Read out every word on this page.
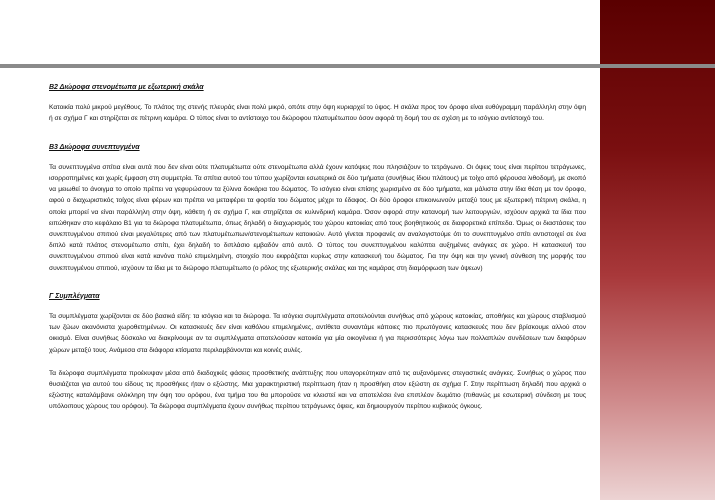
Β2 Διώροφα στενομέτωπα με εξωτερική σκάλα

Κατοικία πολύ μικρού μεγέθους. Το πλάτος της στενής πλευράς είναι πολύ μικρό, οπότε στην όψη κυριαρχεί το ύψος. Η σκάλα προς τον όροφο είναι ευθύγραμμη παράλληλη στην όψη ή σε σχήμα Γ και στηρίζεται σε πέτρινη καμάρα. Ο τύπος είναι το αντίστοιχο του διώροφου πλατυμέτωπου όσον αφορά τη δομή του σε σχέση με το ισόγειο αντίστοιχό του.

Β3 Διώροφα συνεπτυγμένα

Τα συνεπτυγμένα σπίτια είναι αυτά που δεν είναι ούτε πλατυμέτωπα ούτε στενομέτωπα αλλά έχουν κατόψεις που πλησιάζουν το τετράγωνο. Οι όψεις τους είναι περίπου τετράγωνες, ισορροπημένες και χωρίς έμφαση στη συμμετρία. Τα σπίτια αυτού του τύπου χωρίζονται εσωτερικά σε δύο τμήματα (συνήθως ίδιου πλάτους) με τοίχο από φέρουσα λιθοδομή, με σκοπό να μειωθεί το άνοιγμα το οποίο πρέπει να γεφυρώσουν τα ξύλινα δοκάρια του δώματος. Το ισόγειο είναι επίσης χωρισμένο σε δύο τμήματα, και μάλιστα στην ίδια θέση με τον όροφο, αφού ο διαχωριστικός τοίχος είναι φέρων και πρέπει να μεταφέρει τα φορτία του δώματος μέχρι το έδαφος. Οι δύο όροφοι επικοινωνούν μεταξύ τους με εξωτερική πέτρινη σκάλα, η οποία μπορεί να είναι παράλληλη στην όψη, κάθετη ή σε σχήμα Γ, και στηρίζεται σε κυλινδρική καμάρα. Όσον αφορά στην κατανομή των λειτουργιών, ισχύουν αρχικά τα ίδια που ειπώθηκαν στο κεφάλαιο Β1 για τα διώροφα πλατυμέτωπα, όπως δηλαδή ο διαχωρισμός του χώρου κατοικίας από τους βοηθητικούς σε διαφορετικά επίπεδα. Όμως οι διαστάσεις του συνεπτυγμένου σπιτιού είναι μεγαλύτερες από των πλατυμέτωπων/στενομέτωπων κατοικιών. Αυτό γίνεται προφανές αν αναλογιστούμε ότι το συνεπτυγμένο σπίτι αντιστοιχεί σε ένα διπλό κατά πλάτος στενομέτωπο σπίτι, έχει δηλαδή το διπλάσιο εμβαδόν από αυτό. Ο τύπος του συνεπτυγμένου καλύπτει αυξημένες ανάγκες σε χώρο. Η κατασκευή του συνεπτυγμένου σπιτιού είναι κατά κανόνα πολύ επιμελημένη, στοιχείο που εκφράζεται κυρίως στην κατασκευή του δώματος. Για την όψη και την γενική σύνθεση της μορφής του συνεπτυγμένου σπιτιού, ισχύουν τα ίδια με το διώροφο πλατυμέτωπο (ο ρόλος της εξωτερικής σκάλας και της καμάρας στη διαμόρφωση των όψεων)

Γ Συμπλέγματα

Τα συμπλέγματα χωρίζονται σε δύο βασικά είδη: τα ισόγεια και τα διώροφα. Τα ισόγεια συμπλέγματα αποτελούνται συνήθως από χώρους κατοικίας, αποθήκες και χώρους σταβλισμού των ζώων ακανόνιστα χωροθετημένων. Οι κατασκευές δεν είναι καθόλου επιμελημένες, αντίθετα συναντάμε κάποιες πιο πρωτόγονες κατασκευές που δεν βρίσκουμε αλλού στον οικισμό. Είναι συνήθως δύσκολο να διακρίνουμε αν τα συμπλέγματα αποτελούσαν κατοικία για μία οικογένεια ή για περισσότερες λόγω των πολλαπλών συνδέσεων των διαφόρων χώρων μεταξύ τους. Ανάμεσα στα διάφορα κτίσματα περιλαμβάνονται και κοινές αυλές.

Τα διώροφα συμπλέγματα προέκυψαν μέσα από διαδοχικές φάσεις προσθετικής ανάπτυξης που υπαγορεύτηκαν από τις αυξανόμενες στεγαστικές ανάγκες. Συνήθως ο χώρος που θυσιάζεται για αυτού του είδους τις προσθήκες ήταν ο εξώστης. Μια χαρακτηριστική περίπτωση ήταν η προσθήκη στον εξώστη σε σχήμα Γ. Στην περίπτωση δηλαδή που αρχικά ο εξώστης καταλάμβανε ολόκληρη την όψη του ορόφου, ένα τμήμα του θα μπορούσε να κλειστεί και να αποτελέσει ένα επιπλέον δωμάτιο (πιθανώς με εσωτερική σύνδεση με τους υπόλοιπους χώρους του ορόφου). Τα διώροφα συμπλέγματα έχουν συνήθως περίπου τετράγωνες όψεις, και δημιουργούν περίπου κυβικούς όγκους.
